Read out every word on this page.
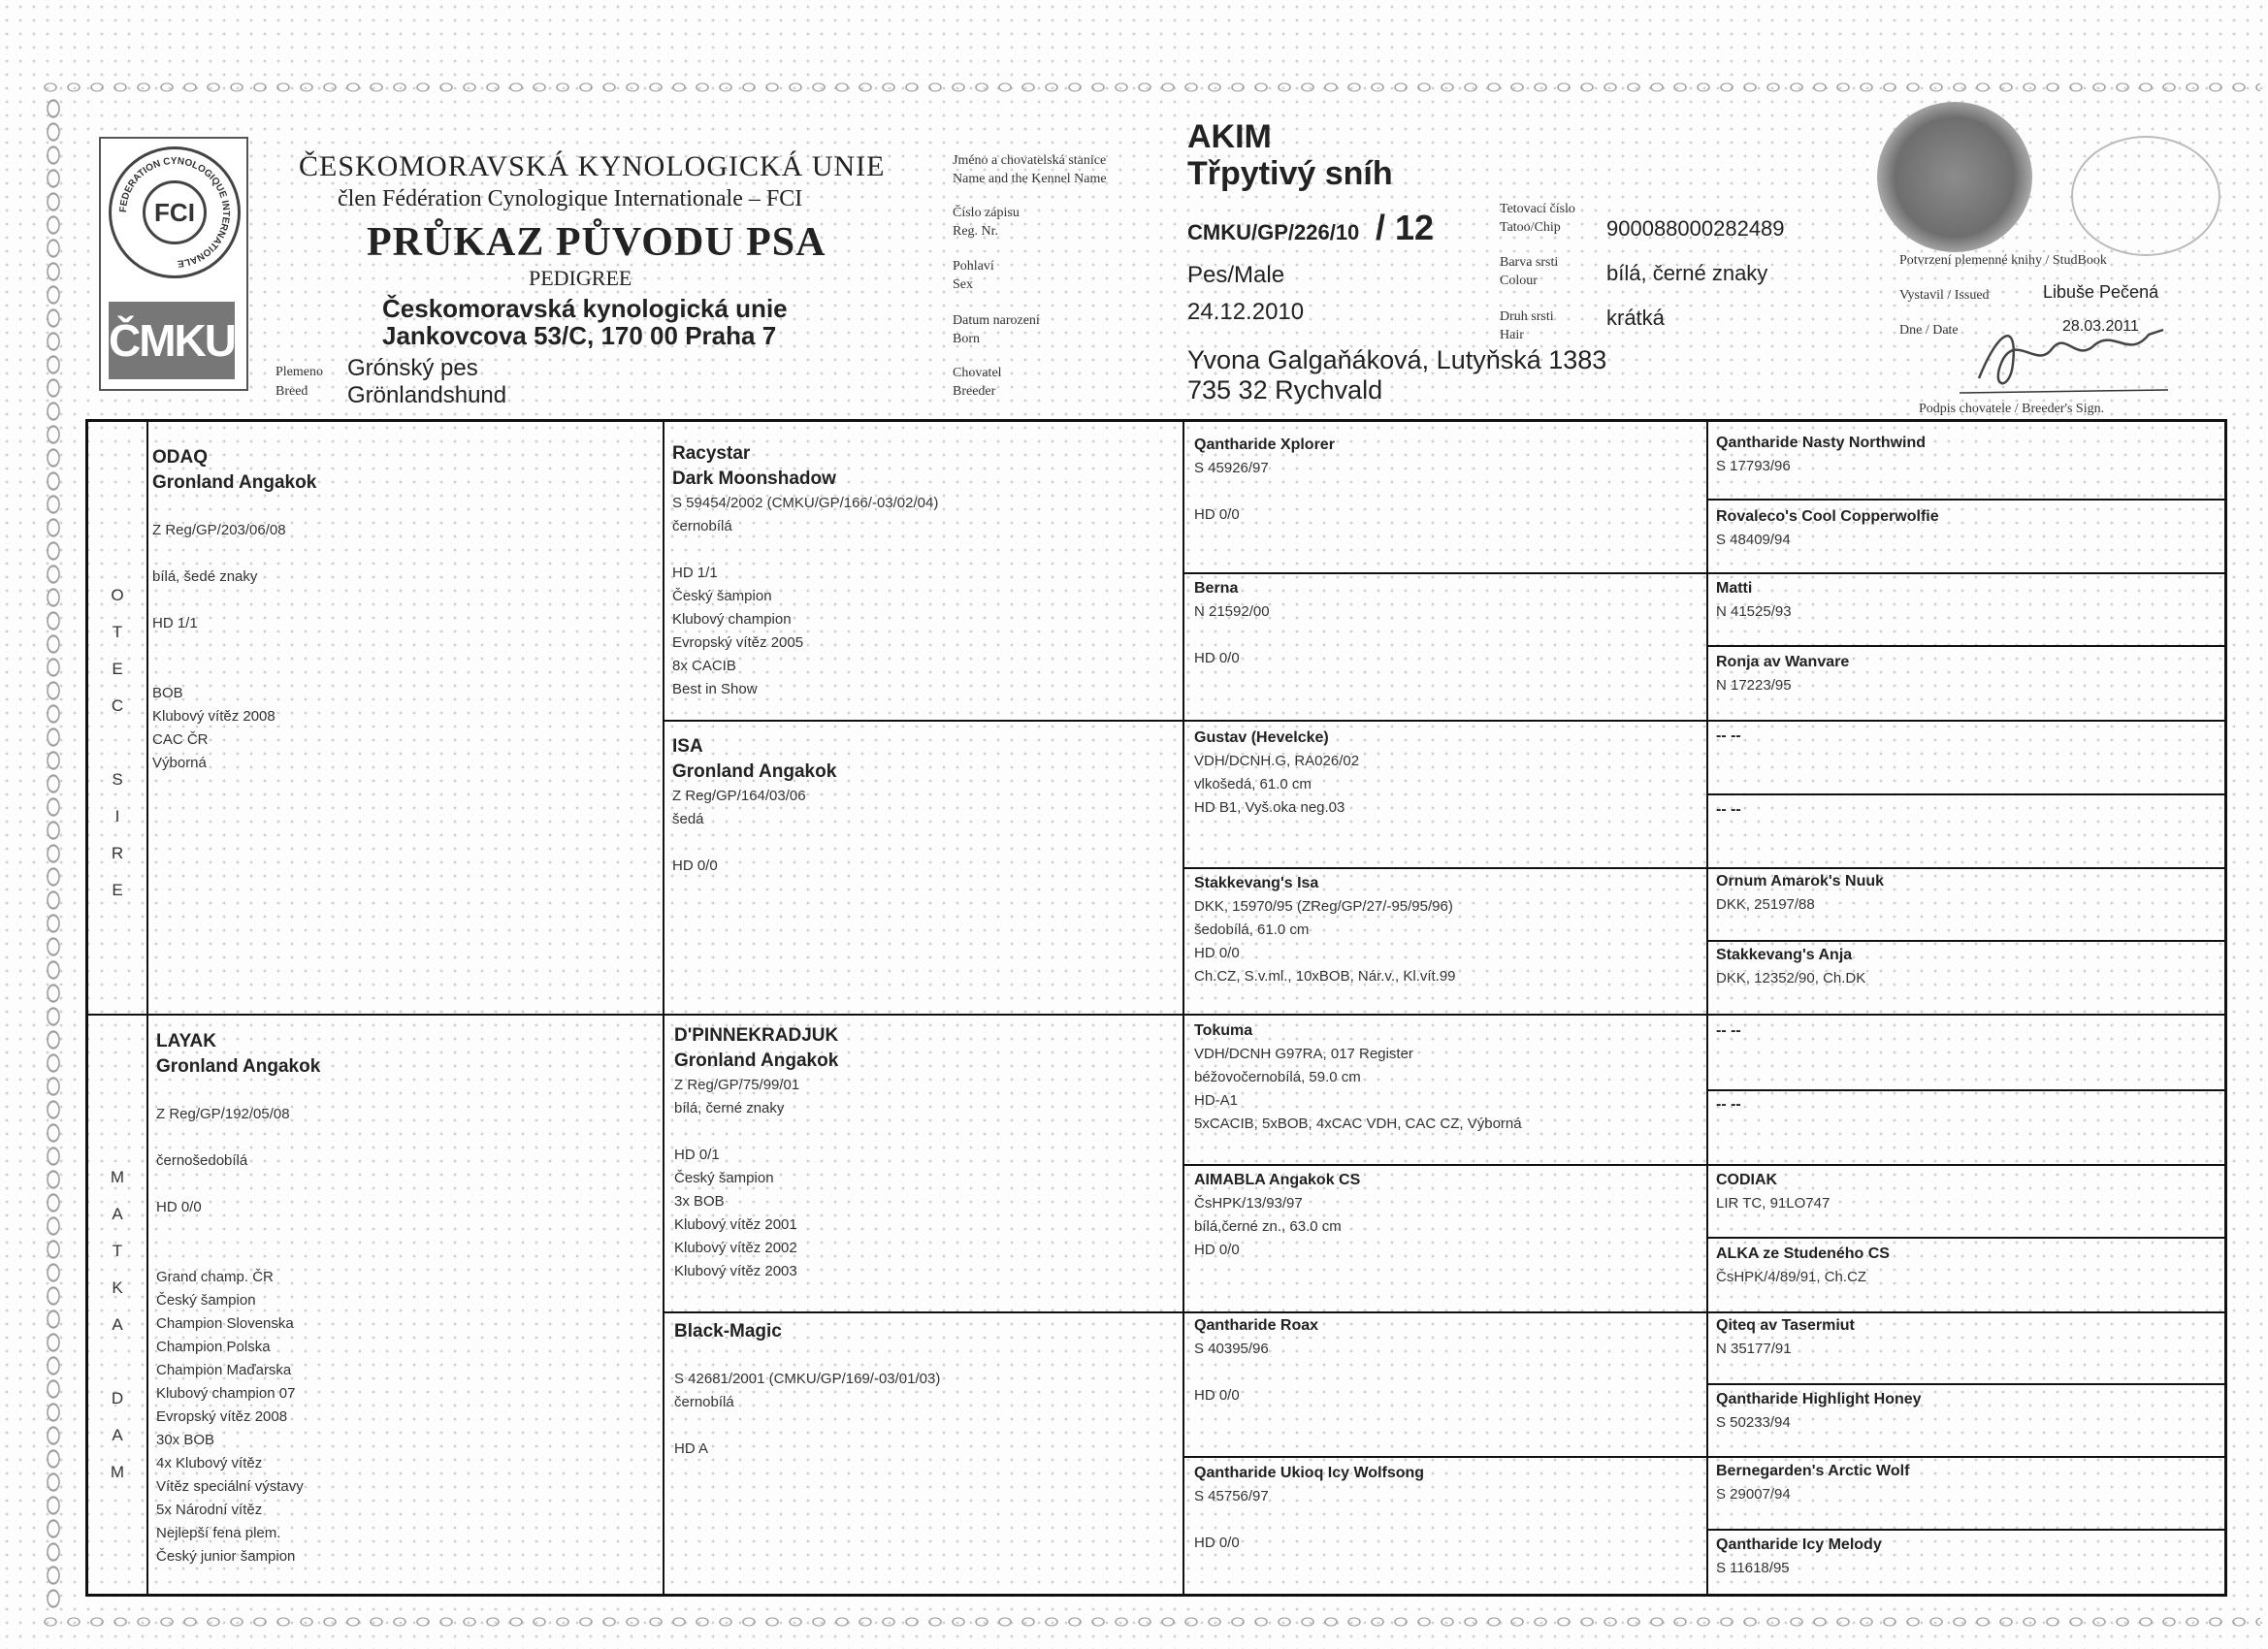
FEDERATION CYNOLOGIQUE INTERNATIONALE
FCI
ČMKU
ČESKOMORAVSKÁ KYNOLOGICKÁ UNIE
člen Fédération Cynologique Internationale – FCI
PRŮKAZ PŮVODU PSA
PEDIGREE
Českomoravská kynologická unie
Jankovcova 53/C, 170 00 Praha 7
Plemeno
Breed
Grónský pes
Grönlandshund
Jméno a chovatelská stanice
Name and the Kennel Name
Číslo zápisu
Reg. Nr.
Pohlaví
Sex
Datum narození
Born
Chovatel
Breeder
AKIM
Třpytivý sníh
CMKU/GP/226/10 / 12
Pes/Male
24.12.2010
Yvona Galgaňáková, Lutyňská 1383
735 32 Rychvald
Tetovací číslo
Tatoo/Chip
Barva srsti
Colour
Druh srsti
Hair
900088000282489
bílá, černé znaky
krátká
Potvrzení plemenné knihy / StudBook
Vystavil / Issued	Libuše Pečená
Dne / Date	28.03.2011
Podpis chovatele / Breeder's Sign.
O
T
E
C

S
I
R
E
M
A
T
K
A

D
A
M
ODAQ
Gronland Angakok
Z Reg/GP/203/06/08

bílá, šedé znaky

HD 1/1

BOB
Klubový vítěz 2008
CAC ČR
Výborná
LAYAK
Gronland Angakok
Z Reg/GP/192/05/08

černošedobílá

HD 0/0

Grand champ. ČR
Český šampion
Champion Slovenska
Champion Polska
Champion Maďarska
Klubový champion 07
Evropský vítěz 2008
30x BOB
4x Klubový vítěz
Vítěz speciální výstavy
5x Národní vítěz
Nejlepší fena plem.
Český junior šampion
Racystar
Dark Moonshadow
S 59454/2002 (CMKU/GP/166/-03/02/04)
černobílá

HD 1/1
Český šampion
Klubový champion
Evropský vítěz 2005
8x CACIB
Best in Show
ISA
Gronland Angakok
Z Reg/GP/164/03/06
šedá

HD 0/0
D'PINNEKRADJUK
Gronland Angakok
Z Reg/GP/75/99/01
bílá, černé znaky

HD 0/1
Český šampion
3x BOB
Klubový vítěz 2001
Klubový vítěz 2002
Klubový vítěz 2003
Black-Magic

S 42681/2001 (CMKU/GP/169/-03/01/03)
černobílá

HD A
Qantharide Xplorer
S 45926/97

HD 0/0
Berna
N 21592/00

HD 0/0
Gustav (Hevelcke)
VDH/DCNH.G, RA026/02
vlkošedá, 61.0 cm
HD B1, Vyš.oka neg.03
Stakkevang's Isa
DKK, 15970/95 (ZReg/GP/27/-95/95/96)
šedobílá, 61.0 cm
HD 0/0
Ch.CZ, S.v.ml., 10xBOB, Nár.v., Kl.vít.99
Tokuma
VDH/DCNH G97RA, 017 Register
béžovočernobílá, 59.0 cm
HD-A1
5xCACIB, 5xBOB, 4xCAC VDH, CAC CZ, Výborná
AIMABLA Angakok CS
ČsHPK/13/93/97
bílá,černé zn., 63.0 cm
HD 0/0
Qantharide Roax
S 40395/96

HD 0/0
Qantharide Ukioq Icy Wolfsong
S 45756/97

HD 0/0
Qantharide Nasty Northwind
S 17793/96
Rovaleco's Cool Copperwolfie
S 48409/94
Matti
N 41525/93
Ronja av Wanvare
N 17223/95
-- --
-- --
Ornum Amarok's Nuuk
DKK, 25197/88
Stakkevang's Anja
DKK, 12352/90, Ch.DK
-- --
-- --
CODIAK
LIR TC, 91LO747
ALKA ze Studeného CS
ČsHPK/4/89/91, Ch.CZ
Qiteq av Tasermiut
N 35177/91
Qantharide Highlight Honey
S 50233/94
Bernegarden's Arctic Wolf
S 29007/94
Qantharide Icy Melody
S 11618/95
